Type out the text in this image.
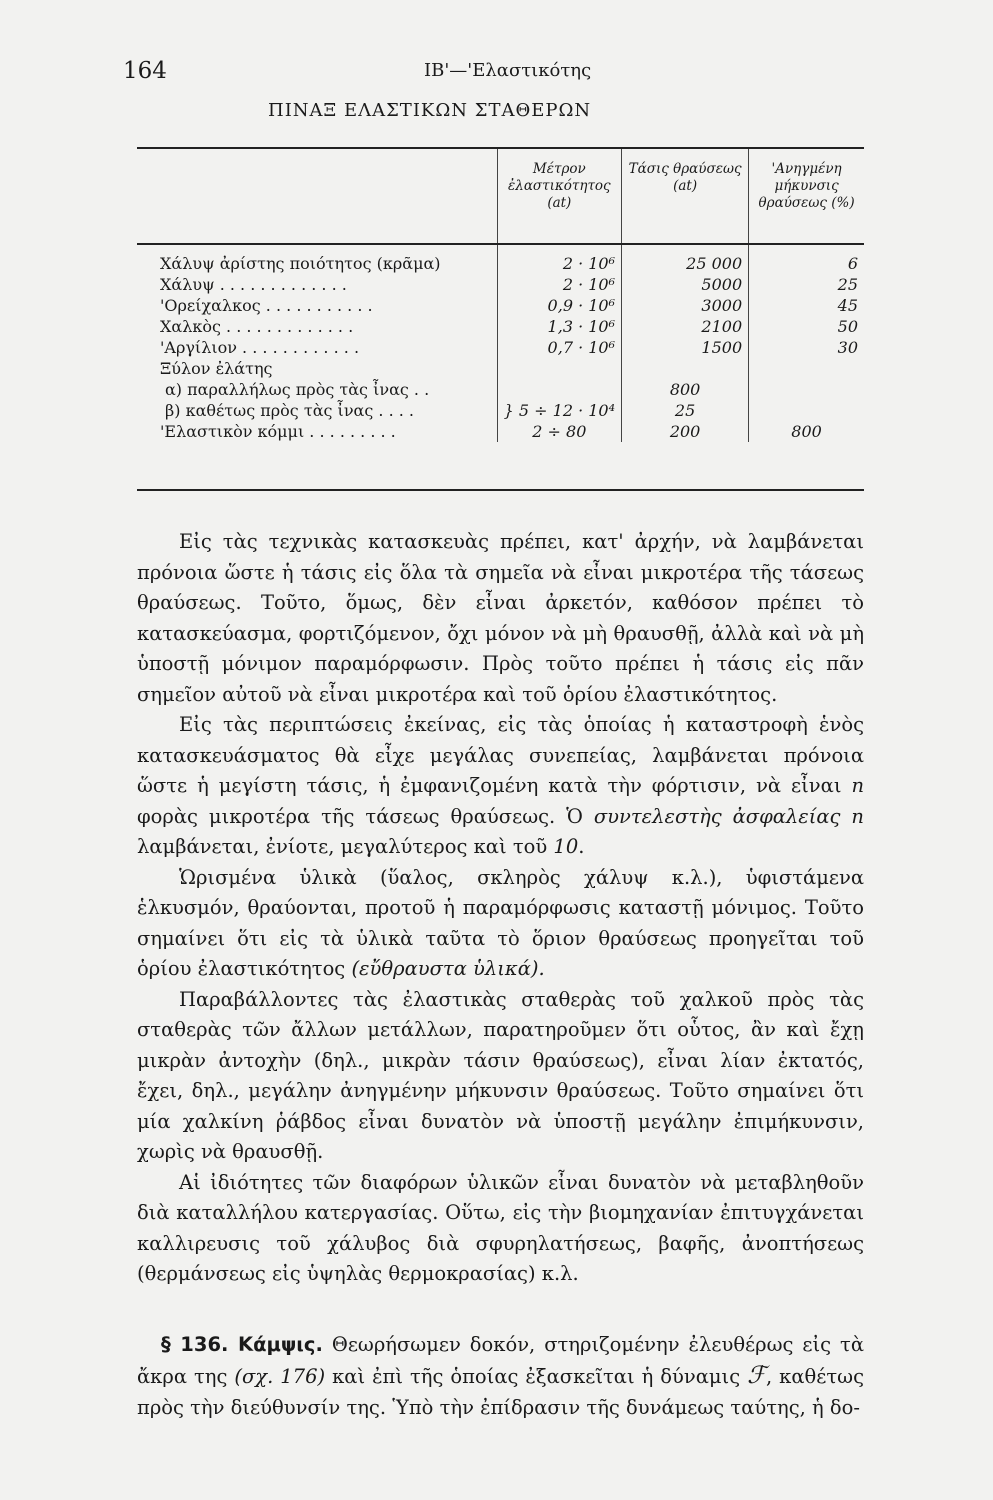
164	ΙΒ'—'Ελαστικότης
ΠΙΝΑΞ ΕΛΑΣΤΙΚΩΝ ΣΤΑΘΕΡΩΝ
	Μέτρον ἐλαστικότητος (at)	Τάσις θραύσεως (at)	'Ανηγμένη μήκυνσις θραύσεως (%)
Χάλυψ ἀρίστης ποιότητος (κρᾶμα)	2 · 10⁶	25 000	6
Χάλυψ . . . . . . . . . . . . .	2 · 10⁶	5000	25
'Ορείχαλκος . . . . . . . . . . .	0,9 · 10⁶	3000	45
Χαλκὸς . . . . . . . . . . . . .	1,3 · 10⁶	2100	50
'Αργίλιον . . . . . . . . . . . .	0,7 · 10⁶	1500	30
Ξύλον ἐλάτης			
α) παραλλήλως πρὸς τὰς ἶνας . .		800	
β) καθέτως πρὸς τὰς ἶνας . . . .	} 5 ÷ 12 · 10⁴	25	
'Ελαστικὸν κόμμι . . . . . . . . .	2 ÷ 80	200	800

Εἰς τὰς τεχνικὰς κατασκευὰς πρέπει, κατ' ἀρχήν, νὰ λαμβάνεται πρόνοια ὥστε ἡ τάσις εἰς ὅλα τὰ σημεῖα νὰ εἶναι μικροτέρα τῆς τάσεως θραύσεως. Τοῦτο, ὅμως, δὲν εἶναι ἀρκετόν, καθόσον πρέπει τὸ κατασκεύασμα, φορτιζόμενον, ὄχι μόνον νὰ μὴ θραυσθῇ, ἀλλὰ καὶ νὰ μὴ ὑποστῇ μόνιμον παραμόρφωσιν. Πρὸς τοῦτο πρέπει ἡ τάσις εἰς πᾶν σημεῖον αὐτοῦ νὰ εἶναι μικροτέρα καὶ τοῦ ὁρίου ἐλαστικότητος.

Εἰς τὰς περιπτώσεις ἐκείνας, εἰς τὰς ὁποίας ἡ καταστροφὴ ἑνὸς κατασκευάσματος θὰ εἶχε μεγάλας συνεπείας, λαμβάνεται πρόνοια ὥστε ἡ μεγίστη τάσις, ἡ ἐμφανιζομένη κατὰ τὴν φόρτισιν, νὰ εἶναι n φορὰς μικροτέρα τῆς τάσεως θραύσεως. Ὁ συντελεστὴς ἀσφαλείας n λαμβάνεται, ἐνίοτε, μεγαλύτερος καὶ τοῦ 10.

Ὡρισμένα ὑλικὰ (ὕαλος, σκληρὸς χάλυψ κ.λ.), ὑφιστάμενα ἑλκυσμόν, θραύονται, προτοῦ ἡ παραμόρφωσις καταστῇ μόνιμος. Τοῦτο σημαίνει ὅτι εἰς τὰ ὑλικὰ ταῦτα τὸ ὅριον θραύσεως προηγεῖται τοῦ ὁρίου ἐλαστικότητος (εὔθραυστα ὑλικά).

Παραβάλλοντες τὰς ἐλαστικὰς σταθερὰς τοῦ χαλκοῦ πρὸς τὰς σταθερὰς τῶν ἄλλων μετάλλων, παρατηροῦμεν ὅτι οὗτος, ἂν καὶ ἔχῃ μικρὰν ἀντοχὴν (δηλ., μικρὰν τάσιν θραύσεως), εἶναι λίαν ἐκτατός, ἔχει, δηλ., μεγάλην ἀνηγμένην μήκυνσιν θραύσεως. Τοῦτο σημαίνει ὅτι μία χαλκίνη ῥάβδος εἶναι δυνατὸν νὰ ὑποστῇ μεγάλην ἐπιμήκυνσιν, χωρὶς νὰ θραυσθῇ.

Αἱ ἰδιότητες τῶν διαφόρων ὑλικῶν εἶναι δυνατὸν νὰ μεταβληθοῦν διὰ καταλλήλου κατεργασίας. Οὕτω, εἰς τὴν βιομηχανίαν ἐπιτυγχάνεται καλλιρευσις τοῦ χάλυβος διὰ σφυρηλατήσεως, βαφῆς, ἀνοπτήσεως (θερμάνσεως εἰς ὑψηλὰς θερμοκρασίας) κ.λ.

§ 136. Κάμψις. Θεωρήσωμεν δοκόν, στηριζομένην ἐλευθέρως εἰς τὰ ἄκρα της (σχ. 176) καὶ ἐπὶ τῆς ὁποίας ἐξασκεῖται ἡ δύναμις ℱ, καθέτως πρὸς τὴν διεύθυνσίν της. Ὑπὸ τὴν ἐπίδρασιν τῆς δυνάμεως ταύτης, ἡ δο-
